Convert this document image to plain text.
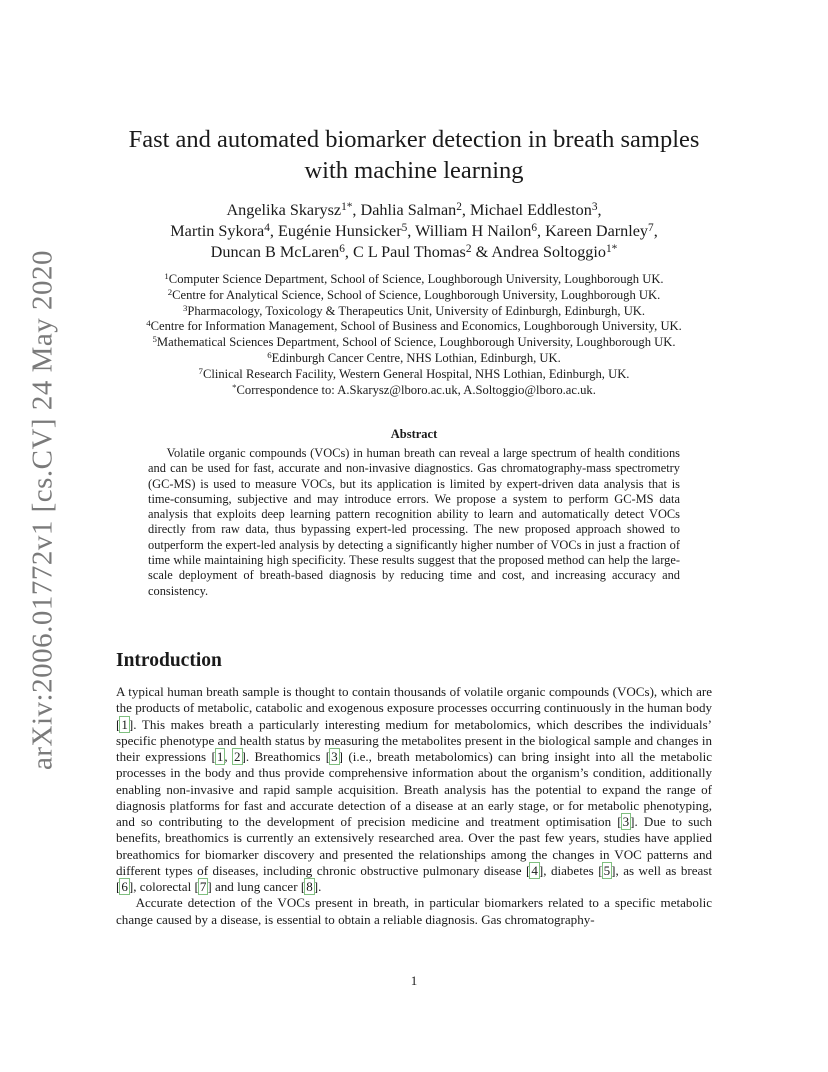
arXiv:2006.01772v1 [cs.CV] 24 May 2020
Fast and automated biomarker detection in breath samples
with machine learning
Angelika Skarysz$^{1*}$, Dahlia Salman$^2$, Michael Eddleston$^3$,
Martin Sykora$^4$, Eugénie Hunsicker$^5$, William H Nailon$^6$, Kareen Darnley$^7$,
Duncan B McLaren$^6$, C L Paul Thomas$^2$ & Andrea Soltoggio$^{1*}$
$^1$Computer Science Department, School of Science, Loughborough University, Loughborough UK.
$^2$Centre for Analytical Science, School of Science, Loughborough University, Loughborough UK.
$^3$Pharmacology, Toxicology & Therapeutics Unit, University of Edinburgh, Edinburgh, UK.
$^4$Centre for Information Management, School of Business and Economics, Loughborough University, UK.
$^5$Mathematical Sciences Department, School of Science, Loughborough University, Loughborough UK.
$^6$Edinburgh Cancer Centre, NHS Lothian, Edinburgh, UK.
$^7$Clinical Research Facility, Western General Hospital, NHS Lothian, Edinburgh, UK.
*Correspondence to: A.Skarysz@lboro.ac.uk, A.Soltoggio@lboro.ac.uk.
Abstract

Volatile organic compounds (VOCs) in human breath can reveal a large spectrum of health conditions and can be used for fast, accurate and non-invasive diagnostics. Gas chromatography-mass spectrometry (GC-MS) is used to measure VOCs, but its application is limited by expert-driven data analysis that is time-consuming, subjective and may introduce errors. We propose a system to perform GC-MS data analysis that exploits deep learning pattern recognition ability to learn and automatically detect VOCs directly from raw data, thus bypassing expert-led processing. The new proposed approach showed to outperform the expert-led analysis by detecting a significantly higher number of VOCs in just a fraction of time while maintaining high specificity. These results suggest that the proposed method can help the large-scale deployment of breath-based diagnosis by reducing time and cost, and increasing accuracy and consistency.

Introduction

A typical human breath sample is thought to contain thousands of volatile organic compounds (VOCs), which are the products of metabolic, catabolic and exogenous exposure processes occurring continuously in the human body [1]. This makes breath a particularly interesting medium for metabolomics, which describes the individuals’ specific phenotype and health status by measuring the metabolites present in the biological sample and changes in their expressions [1, 2]. Breathomics [3] (i.e., breath metabolomics) can bring insight into all the metabolic processes in the body and thus provide comprehensive information about the organism’s condition, additionally enabling non-invasive and rapid sample acquisition. Breath analysis has the potential to expand the range of diagnosis platforms for fast and accurate detection of a disease at an early stage, or for metabolic phenotyping, and so contributing to the development of precision medicine and treatment optimisation [3]. Due to such benefits, breathomics is currently an extensively researched area. Over the past few years, studies have applied breathomics for biomarker discovery and presented the relationships among the changes in VOC patterns and different types of diseases, including chronic obstructive pulmonary disease [4], diabetes [5], as well as breast [6], colorectal [7] and lung cancer [8].

Accurate detection of the VOCs present in breath, in particular biomarkers related to a specific metabolic change caused by a disease, is essential to obtain a reliable diagnosis. Gas chromatography-

1
